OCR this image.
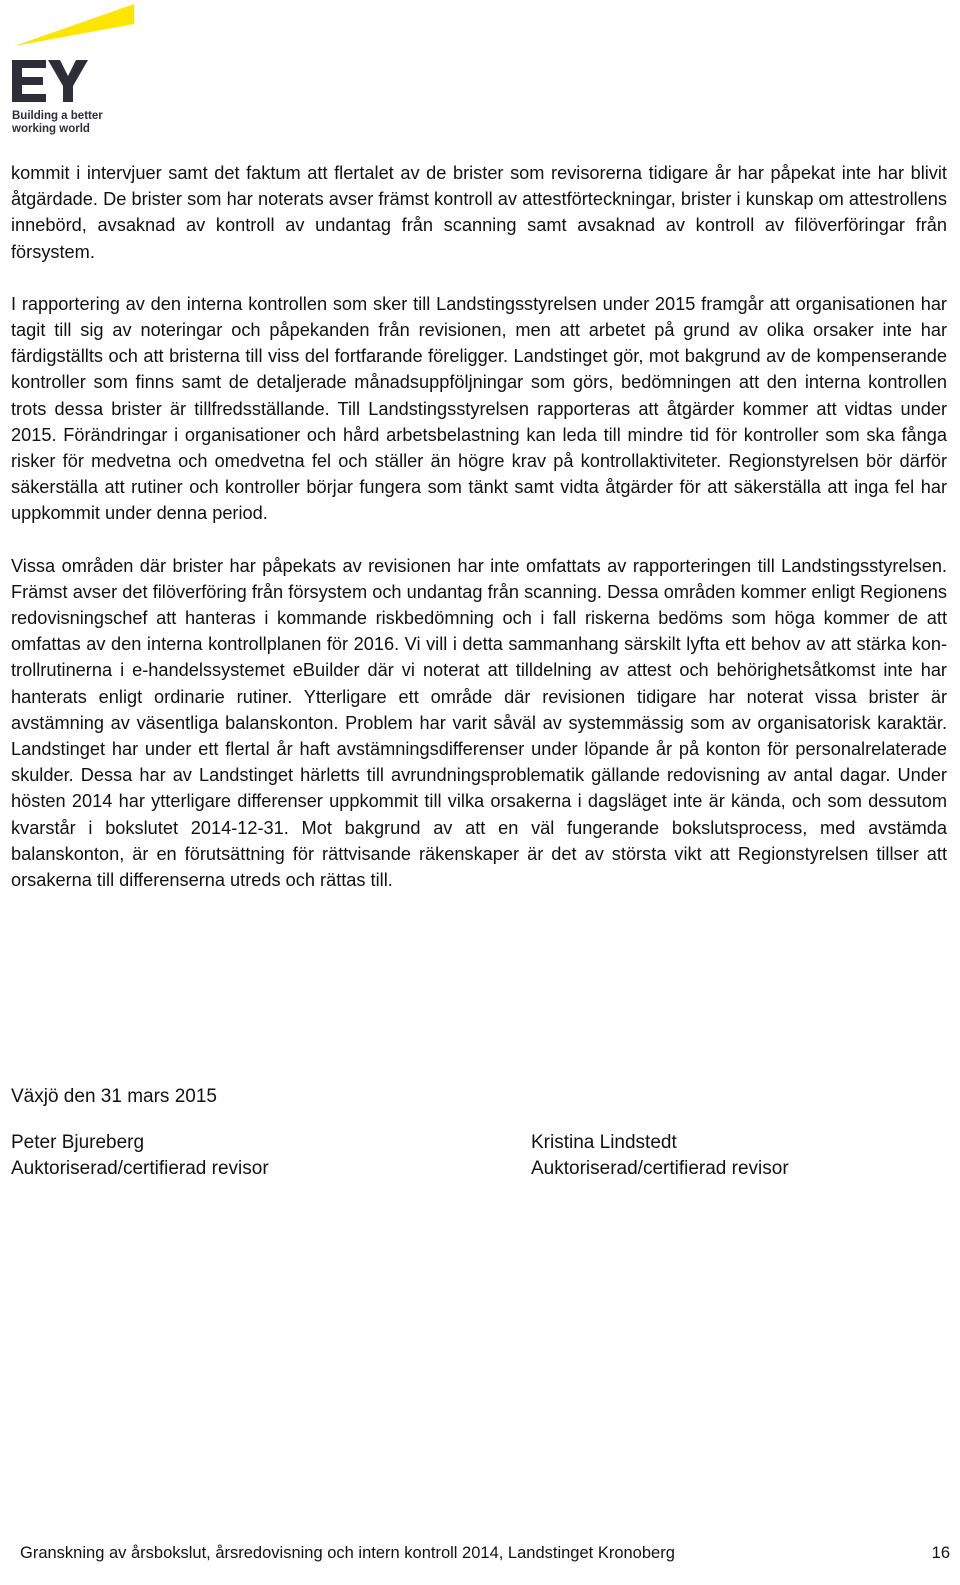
Building a better
working world

kommit i intervjuer samt det faktum att flertalet av de brister som revisorerna tidigare år har påpekat inte har blivit åtgärdade. De brister som har noterats avser främst kontroll av attestförteckningar, brister i kunskap om attestrollens innebörd, avsaknad av kontroll av undantag från scanning samt avsaknad av kontroll av filöverföringar från försystem.

I rapportering av den interna kontrollen som sker till Landstingsstyrelsen under 2015 framgår att organisationen har tagit till sig av noteringar och påpekanden från revisionen, men att arbetet på grund av olika orsaker inte har färdigställts och att bristerna till viss del fortfarande föreligger. Landstinget gör, mot bakgrund av de kompenserande kontroller som finns samt de detaljerade månadsuppföljningar som görs, bedömningen att den interna kontrollen trots dessa brister är tillfredsställande. Till Landstingsstyrelsen rapporteras att åtgärder kommer att vidtas under 2015. Förändringar i organisationer och hård arbetsbelastning kan leda till mindre tid för kontroller som ska fånga risker för medvetna och omedvetna fel och ställer än högre krav på kontrollaktiviteter. Regionstyrelsen bör därför säkerställa att rutiner och kontroller börjar fungera som tänkt samt vidta åtgärder för att säkerställa att inga fel har uppkommit under denna period.

Vissa områden där brister har påpekats av revisionen har inte omfattats av rapporteringen till Landstingsstyrelsen. Främst avser det filöverföring från försystem och undantag från scanning. Dessa områden kommer enligt Regionens redovisningschef att hanteras i kommande riskbedömning och i fall riskerna bedöms som höga kommer de att omfattas av den interna kontrollplanen för 2016. Vi vill i detta sammanhang särskilt lyfta ett behov av att stärka kontrollrutinerna i e-handelssystemet eBuilder där vi noterat att tilldelning av attest och behörighetsåtkomst inte har hanterats enligt ordinarie rutiner. Ytterligare ett område där revisionen tidigare har noterat vissa brister är avstämning av väsentliga balanskonton. Problem har varit såväl av systemmässig som av organisatorisk karaktär. Landstinget har under ett flertal år haft avstämningsdifferenser under löpande år på konton för personalrelaterade skulder. Dessa har av Landstinget härletts till avrundningsproblematik gällande redovisning av antal dagar. Under hösten 2014 har ytterligare differenser uppkommit till vilka orsakerna i dagsläget inte är kända, och som dessutom kvarstår i bokslutet 2014-12-31. Mot bakgrund av att en väl fungerande bokslutsprocess, med avstämda balanskonton, är en förutsättning för rättvisande räkenskaper är det av största vikt att Regionstyrelsen tillser att orsakerna till differenserna utreds och rättas till.

Växjö den 31 mars 2015
Peter Bjureberg
Auktoriserad/certifierad revisor
Kristina Lindstedt
Auktoriserad/certifierad revisor
Granskning av årsbokslut, årsredovisning och intern kontroll 2014, Landstinget Kronoberg	16
